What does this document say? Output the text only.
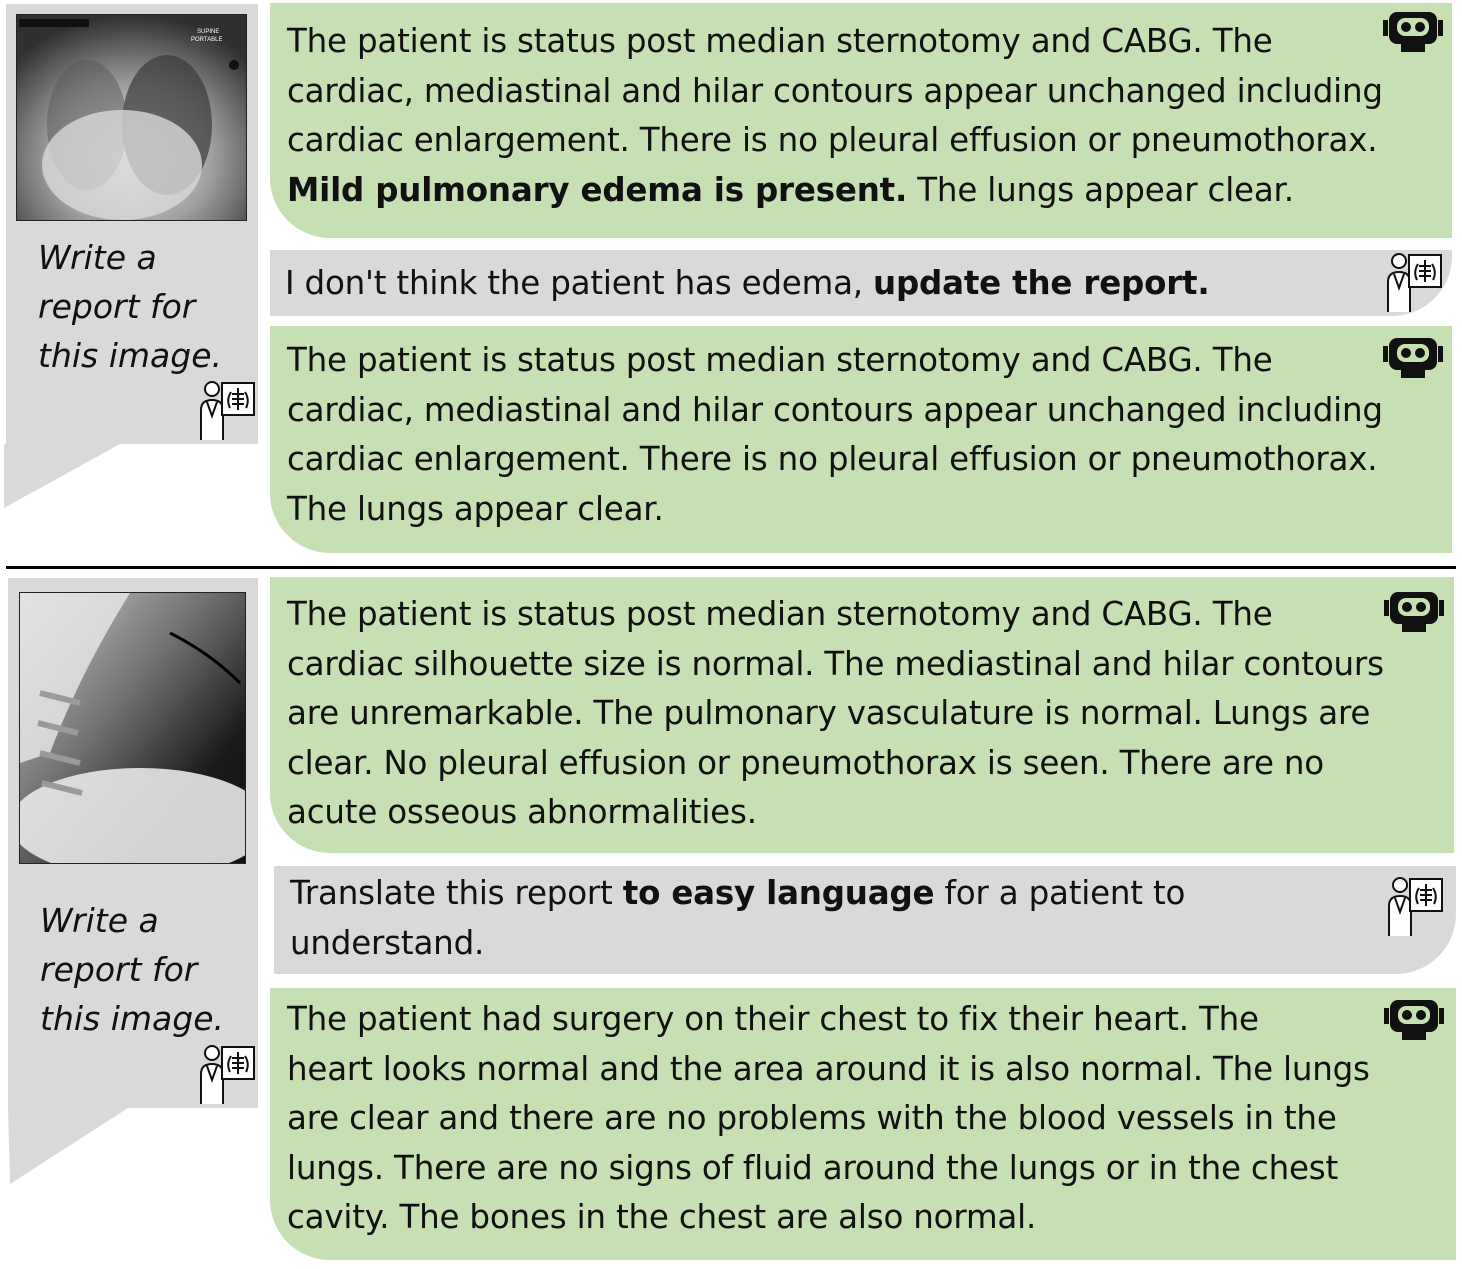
SUPINE
PORTABLE
Write a
report for
this image.
The patient is status post median sternotomy and CABG. The
cardiac, mediastinal and hilar contours appear unchanged including
cardiac enlargement. There is no pleural effusion or pneumothorax.
Mild pulmonary edema is present. The lungs appear clear.
I don't think the patient has edema, update the report.
The patient is status post median sternotomy and CABG. The
cardiac, mediastinal and hilar contours appear unchanged including
cardiac enlargement. There is no pleural effusion or pneumothorax.
The lungs appear clear.
Write a
report for
this image.
The patient is status post median sternotomy and CABG. The
cardiac silhouette size is normal. The mediastinal and hilar contours
are unremarkable. The pulmonary vasculature is normal. Lungs are
clear. No pleural effusion or pneumothorax is seen. There are no
acute osseous abnormalities.
Translate this report to easy language for a patient to
understand.
The patient had surgery on their chest to fix their heart. The
heart looks normal and the area around it is also normal. The lungs
are clear and there are no problems with the blood vessels in the
lungs. There are no signs of fluid around the lungs or in the chest
cavity. The bones in the chest are also normal.
